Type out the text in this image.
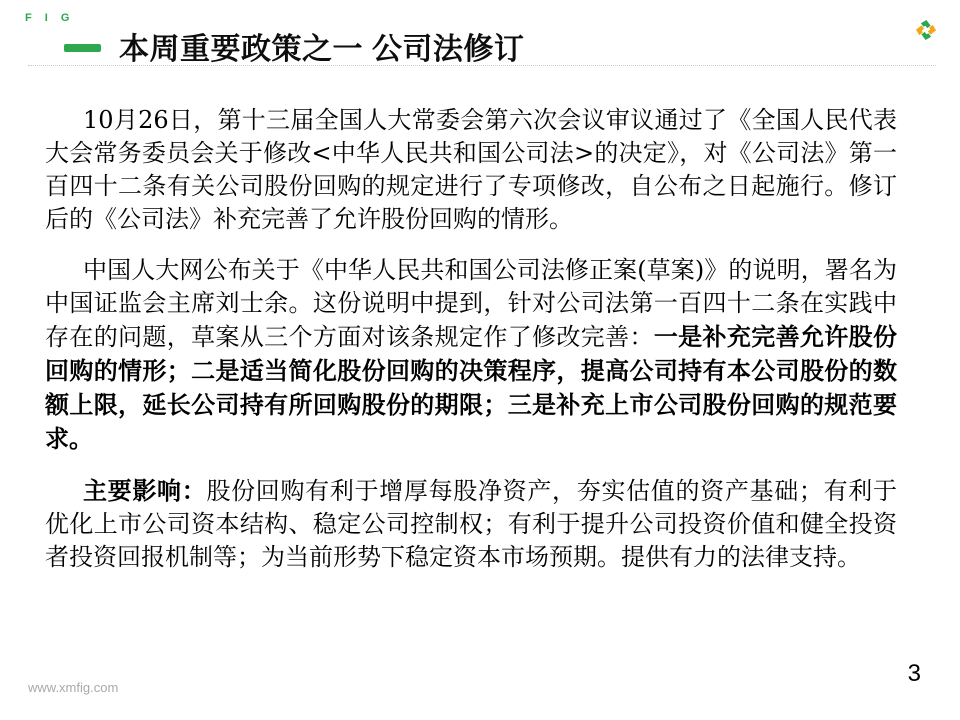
F I G
本周重要政策之一 公司法修订

10月26日，第十三届全国人大常委会第六次会议审议通过了《全国人民代表大会常务委员会关于修改<中华人民共和国公司法>的决定》，对《公司法》第一百四十二条有关公司股份回购的规定进行了专项修改，自公布之日起施行。修订后的《公司法》补充完善了允许股份回购的情形。

中国人大网公布关于《中华人民共和国公司法修正案(草案)》的说明，署名为中国证监会主席刘士余。这份说明中提到，针对公司法第一百四十二条在实践中存在的问题，草案从三个方面对该条规定作了修改完善：一是补充完善允许股份回购的情形；二是适当简化股份回购的决策程序，提高公司持有本公司股份的数额上限，延长公司持有所回购股份的期限；三是补充上市公司股份回购的规范要求。

主要影响：股份回购有利于增厚每股净资产，夯实估值的资产基础；有利于优化上市公司资本结构、稳定公司控制权；有利于提升公司投资价值和健全投资者投资回报机制等；为当前形势下稳定资本市场预期。提供有力的法律支持。

www.xmfig.com
3
